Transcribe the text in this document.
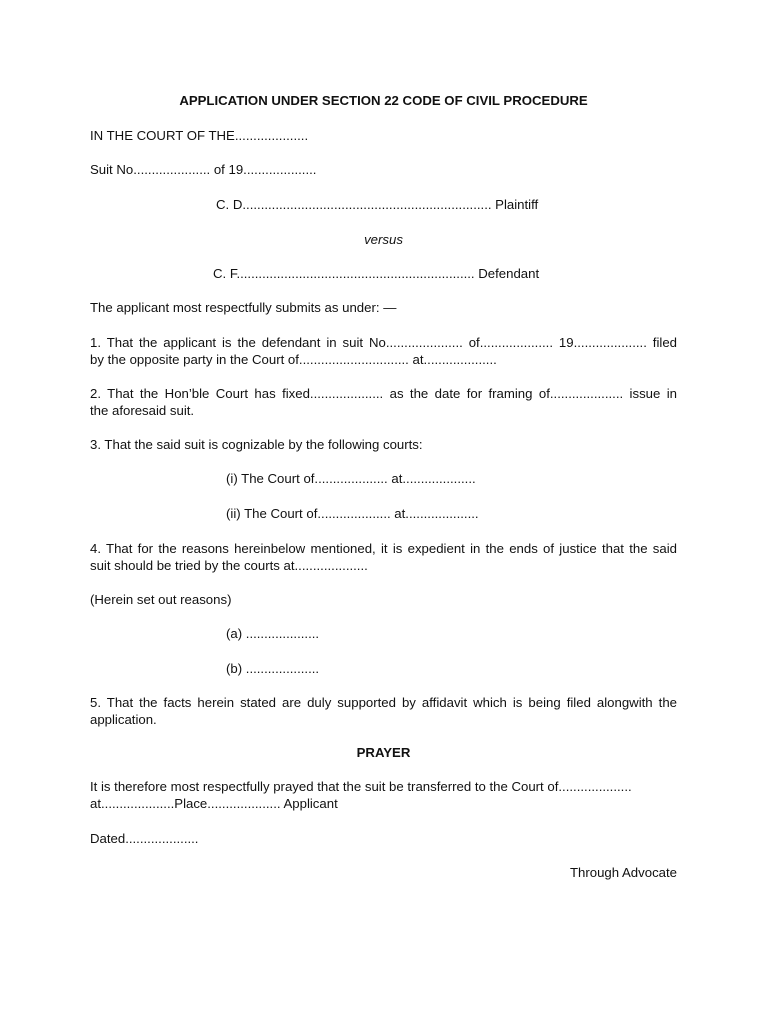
APPLICATION UNDER SECTION 22 CODE OF CIVIL PROCEDURE
IN THE COURT OF THE....................
Suit No..................... of 19....................
C. D.................................................................... Plaintiff
versus
C. F................................................................. Defendant
The applicant most respectfully submits as under: —
1. That the applicant is the defendant in suit No..................... of.................... 19.................... filed
by the opposite party in the Court of.............................. at....................
2. That the Hon’ble Court has fixed.................... as the date for framing of.................... issue in
the aforesaid suit.
3. That the said suit is cognizable by the following courts:
(i) The Court of.................... at....................
(ii) The Court of.................... at....................
4. That for the reasons hereinbelow mentioned, it is expedient in the ends of justice that the said
suit should be tried by the courts at....................
(Herein set out reasons)
(a) ....................
(b) ....................
5. That the facts herein stated are duly supported by affidavit which is being filed alongwith the
application.
PRAYER
It is therefore most respectfully prayed that the suit be transferred to the Court of....................
at....................Place.................... Applicant
Dated....................
Through Advocate
